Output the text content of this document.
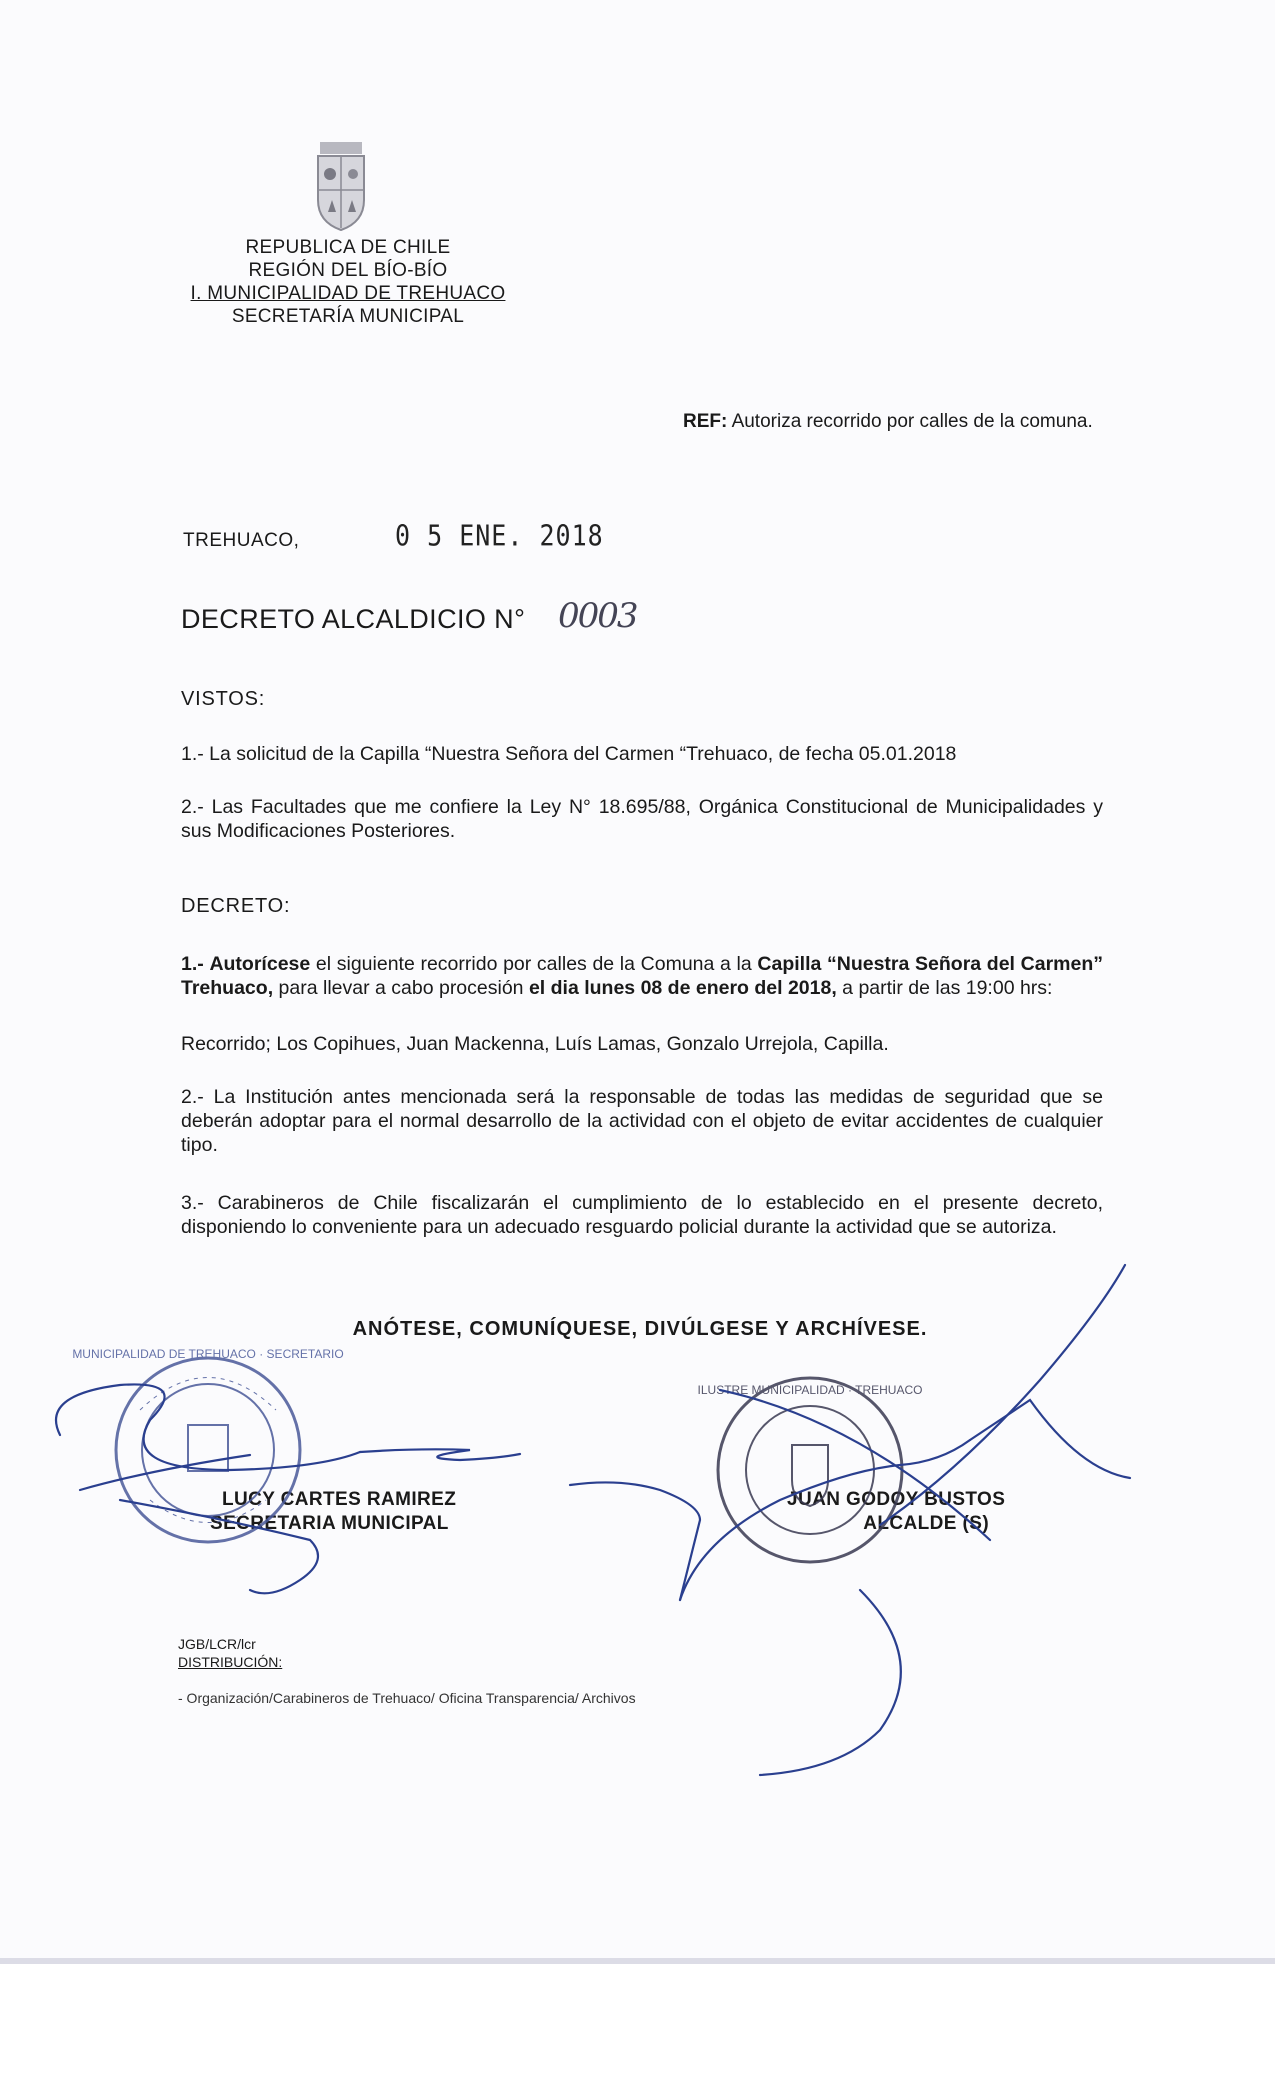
REPUBLICA DE CHILE
REGIÓN DEL BÍO-BÍO
I. MUNICIPALIDAD DE TREHUACO
SECRETARÍA MUNICIPAL
REF: Autoriza recorrido por calles de la comuna.
TREHUACO,	0 5 ENE. 2018
DECRETO ALCALDICIO N° 0003
VISTOS:
1.- La solicitud de la Capilla “Nuestra Señora del Carmen “Trehuaco, de fecha 05.01.2018
2.- Las Facultades que me confiere la Ley N° 18.695/88, Orgánica Constitucional de Municipalidades y sus Modificaciones Posteriores.
DECRETO:
1.- Autorícese el siguiente recorrido por calles de la Comuna a la Capilla “Nuestra Señora del Carmen” Trehuaco, para llevar a cabo procesión el dia lunes 08 de enero del 2018, a partir de las 19:00 hrs:
Recorrido; Los Copihues, Juan Mackenna, Luís Lamas, Gonzalo Urrejola, Capilla.
2.- La Institución antes mencionada será la responsable de todas las medidas de seguridad que se deberán adoptar para el normal desarrollo de la actividad con el objeto de evitar accidentes de cualquier tipo.
3.- Carabineros de Chile fiscalizarán el cumplimiento de lo establecido en el presente decreto, disponiendo lo conveniente para un adecuado resguardo policial durante la actividad que se autoriza.
ANÓTESE, COMUNÍQUESE, DIVÚLGESE Y ARCHÍVESE.
LUCY CARTES RAMIREZ
SECRETARIA MUNICIPAL
JUAN GODOY BUSTOS
ALCALDE (S)
MUNICIPALIDAD DE TREHUACO · SECRETARIO
ILUSTRE MUNICIPALIDAD · TREHUACO
JGB/LCR/lcr
DISTRIBUCIÓN:
- Organización/Carabineros de Trehuaco/ Oficina Transparencia/ Archivos
